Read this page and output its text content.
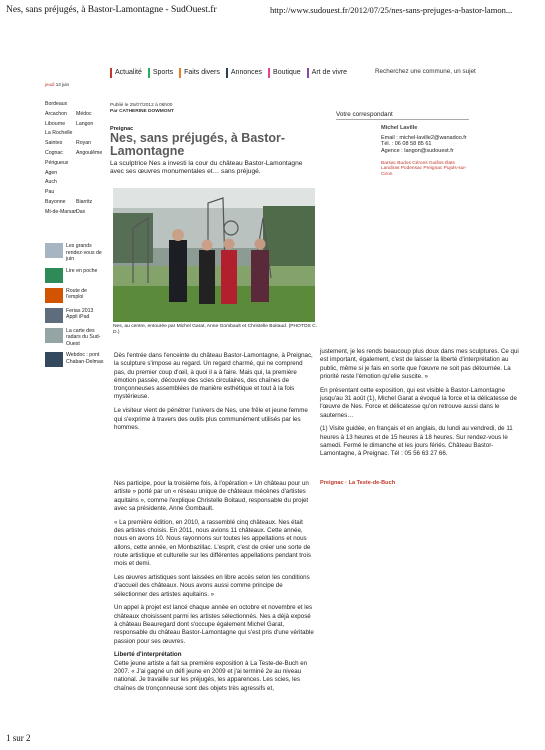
Nes, sans préjugés, à Bastor-Lamontagne - SudOuest.fr	http://www.sudouest.fr/2012/07/25/nes-sans-prejuges-a-bastor-lamon...
Actualité	Sports	Faits divers	Annonces	Boutique	Art de vivre	Recherchez une commune, un sujet
jeudi 13 juin
Bordeaux
Arcachon Médoc
Libourne Langon
La Rochelle
Saintes	Royan
Cognac	Angoulême
Périgueux
Agen
Auch
Pau
Bayonne Biarritz
Mt-de-MarsanDax
Les grands rendez-vous de juin
Lire en poche
Route de l'emploi
Ferias 2013 Appli iPad
La carte des radars du Sud-Ouest
Webdoc : pont Chaban-Delmas
Publié le 25/07/2012 à 06h00
Par CATHERINE DOWMONT
Preignac
Nes, sans préjugés, à Bastor-Lamontagne
La sculptrice Nes a investi la cour du château Bastor-Lamontagne avec ses œuvres monumentales et… sans préjugé.
Nes, au centre, entourée par Michel Garat, Anne Gombault et Christelle Boitaud. (PHOTOS C. D.)

Dès l'entrée dans l'enceinte du château Bastor-Lamontagne, à Preignac, la sculpture s'impose au regard. Un regard charmé, qui ne comprend pas, du premier coup d'œil, à quoi il a à faire. Mais qui, la première émotion passée, découvre des scies circulaires, des chaînes de tronçonneuses assemblées de manière esthétique et tout à la fois mystérieuse.

Le visiteur vient de pénétrer l'univers de Nes, une frêle et jeune femme qui s'exprime à travers des outils plus communément utilisés par les hommes.

Nes participe, pour la troisième fois, à l'opération « Un château pour un artiste » porté par un « réseau unique de châteaux mécènes d'artistes aquitains », comme l'explique Christelle Boitaud, responsable du projet avec sa présidente, Anne Gombault.

« La première édition, en 2010, a rassemblé cinq châteaux. Nes était des artistes choisis. En 2011, nous avions 11 châteaux. Cette année, nous en avons 10. Nous rayonnons sur toutes les appellations et nous allons, cette année, en Monbazillac. L'esprit, c'est de créer une sorte de route artistique et culturelle sur les différentes appellations pendant trois mois et demi.

Les œuvres artistiques sont laissées en libre accès selon les conditions d'accueil des châteaux. Nous avons aussi comme principe de sélectionner des artistes aquitains. »

Un appel à projet est lancé chaque année en octobre et novembre et les châteaux choisissent parmi les artistes sélectionnés. Nes a déjà exposé à château Beauregard dont s'occupe également Michel Garat, responsable du château Bastor-Lamontagne qui s'est pris d'une véritable passion pour ses œuvres.

Liberté d'interprétation
Cette jeune artiste a fait sa première exposition à La Teste-de-Buch en 2007. « J'ai gagné un défi jeune en 2009 et j'ai terminé 2e au niveau national. Je travaille sur les préjugés, les apparences. Les scies, les chaînes de tronçonneuse sont des objets très agressifs et,

justement, je les rends beaucoup plus doux dans mes sculptures. Ce qui est important, également, c'est de laisser la liberté d'interprétation au public, même si je fais en sorte que l'œuvre ne soit pas détournée. La priorité reste l'émotion qu'elle suscite. »

En présentant cette exposition, qui est visible à Bastor-Lamontagne jusqu'au 31 août (1), Michel Garat a évoqué la force et la délicatesse de l'œuvre de Nes. Force et délicatesse qu'on retrouve aussi dans le sauternes…

(1) Visite guidée, en français et en anglais, du lundi au vendredi, de 11 heures à 13 heures et de 15 heures à 18 heures. Sur rendez-vous le samedi. Fermé le dimanche et les jours fériés. Château Bastor-Lamontagne, à Preignac. Tél : 05 56 63 27 66.

Preignac · La Teste-de-Buch
Votre correspondant
Michel Laville
Email : michel-laville2@wanadoo.fr
Tél. : 06 08 58 85 61
Agence : langon@sudouest.fr
Barsac Budos Cérons Guillos Illats Landiras Podensac Preignac Pujols-sur-Ciron
1 sur 2
